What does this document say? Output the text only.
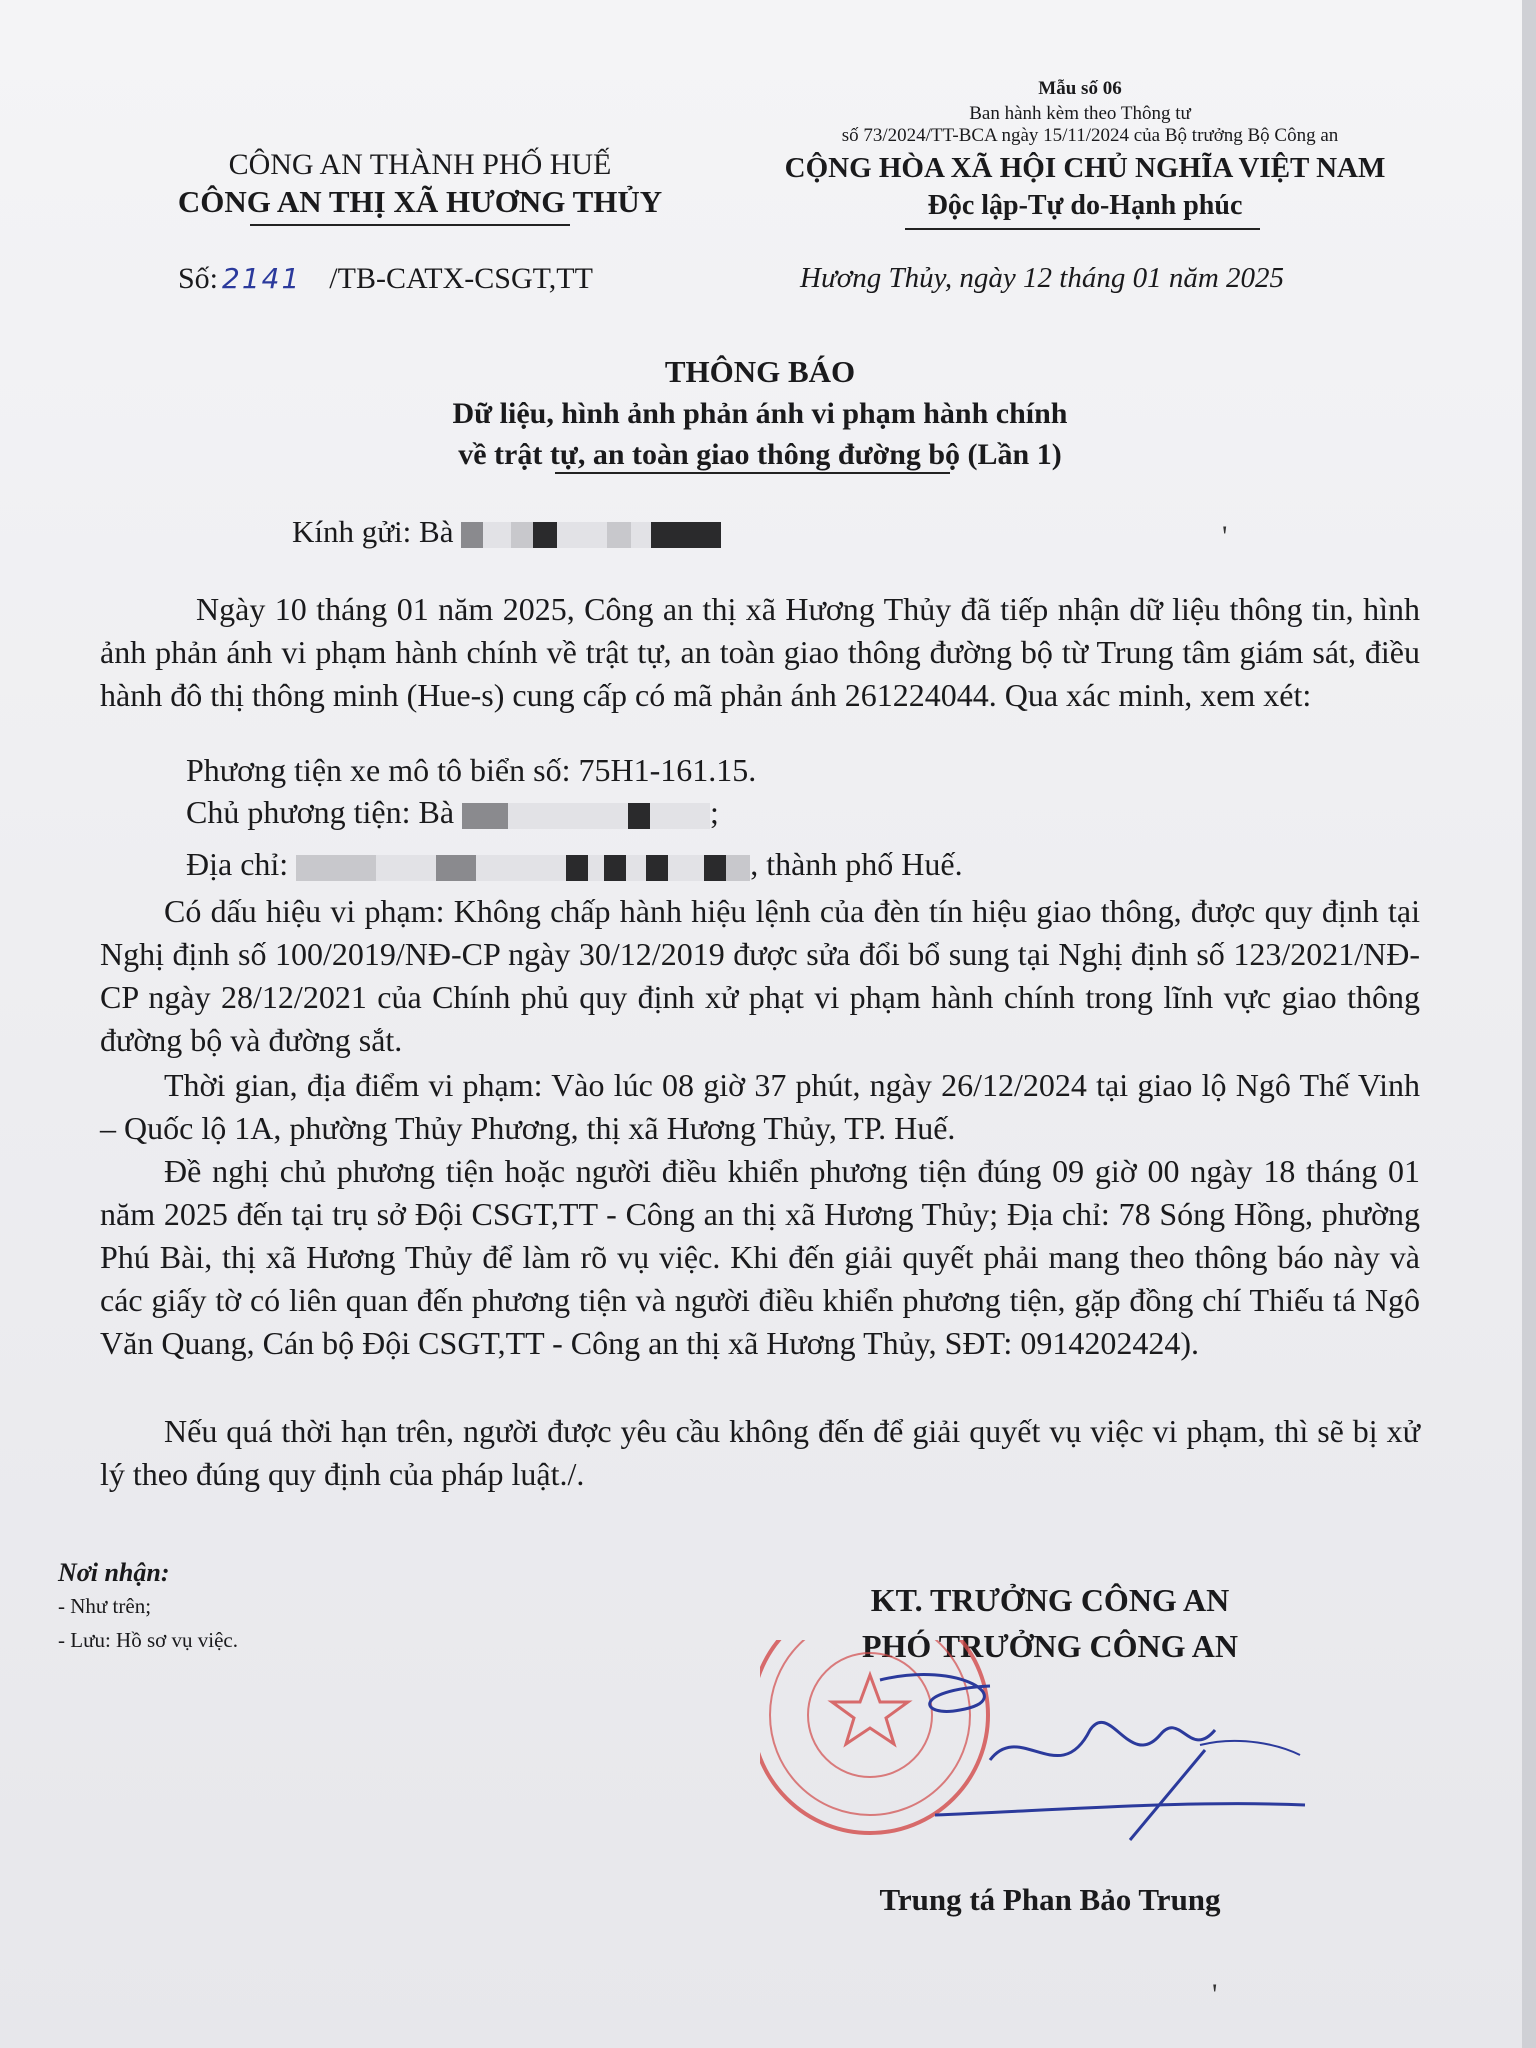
Mẫu số 06
Ban hành kèm theo Thông tư
số 73/2024/TT-BCA ngày 15/11/2024 của Bộ trưởng Bộ Công an
CÔNG AN THÀNH PHỐ HUẾ
CÔNG AN THỊ XÃ HƯƠNG THỦY
CỘNG HÒA XÃ HỘI CHỦ NGHĨA VIỆT NAM
Độc lập-Tự do-Hạnh phúc
Số: 2141 /TB-CATX-CSGT,TT	Hương Thủy, ngày 12 tháng 01 năm 2025
THÔNG BÁO
Dữ liệu, hình ảnh phản ánh vi phạm hành chính
về trật tự, an toàn giao thông đường bộ (Lần 1)
Kính gửi: Bà	'

Ngày 10 tháng 01 năm 2025, Công an thị xã Hương Thủy đã tiếp nhận dữ liệu thông tin, hình ảnh phản ánh vi phạm hành chính về trật tự, an toàn giao thông đường bộ từ Trung tâm giám sát, điều hành đô thị thông minh (Hue-s) cung cấp có mã phản ánh 261224044. Qua xác minh, xem xét:

Phương tiện xe mô tô biển số: 75H1-161.15.
Chủ phương tiện: Bà	;
Địa chỉ:	, thành phố Huế.

Có dấu hiệu vi phạm: Không chấp hành hiệu lệnh của đèn tín hiệu giao thông, được quy định tại Nghị định số 100/2019/NĐ-CP ngày 30/12/2019 được sửa đổi bổ sung tại Nghị định số 123/2021/NĐ-CP ngày 28/12/2021 của Chính phủ quy định xử phạt vi phạm hành chính trong lĩnh vực giao thông đường bộ và đường sắt.

Thời gian, địa điểm vi phạm: Vào lúc 08 giờ 37 phút, ngày 26/12/2024 tại giao lộ Ngô Thế Vinh – Quốc lộ 1A, phường Thủy Phương, thị xã Hương Thủy, TP. Huế.

Đề nghị chủ phương tiện hoặc người điều khiển phương tiện đúng 09 giờ 00 ngày 18 tháng 01 năm 2025 đến tại trụ sở Đội CSGT,TT - Công an thị xã Hương Thủy; Địa chỉ: 78 Sóng Hồng, phường Phú Bài, thị xã Hương Thủy để làm rõ vụ việc. Khi đến giải quyết phải mang theo thông báo này và các giấy tờ có liên quan đến phương tiện và người điều khiển phương tiện, gặp đồng chí Thiếu tá Ngô Văn Quang, Cán bộ Đội CSGT,TT - Công an thị xã Hương Thủy, SĐT: 0914202424).

Nếu quá thời hạn trên, người được yêu cầu không đến để giải quyết vụ việc vi phạm, thì sẽ bị xử lý theo đúng quy định của pháp luật./.

Nơi nhận:
- Như trên;
- Lưu: Hồ sơ vụ việc.
KT. TRƯỞNG CÔNG AN
PHÓ TRƯỞNG CÔNG AN
Trung tá Phan Bảo Trung
'
